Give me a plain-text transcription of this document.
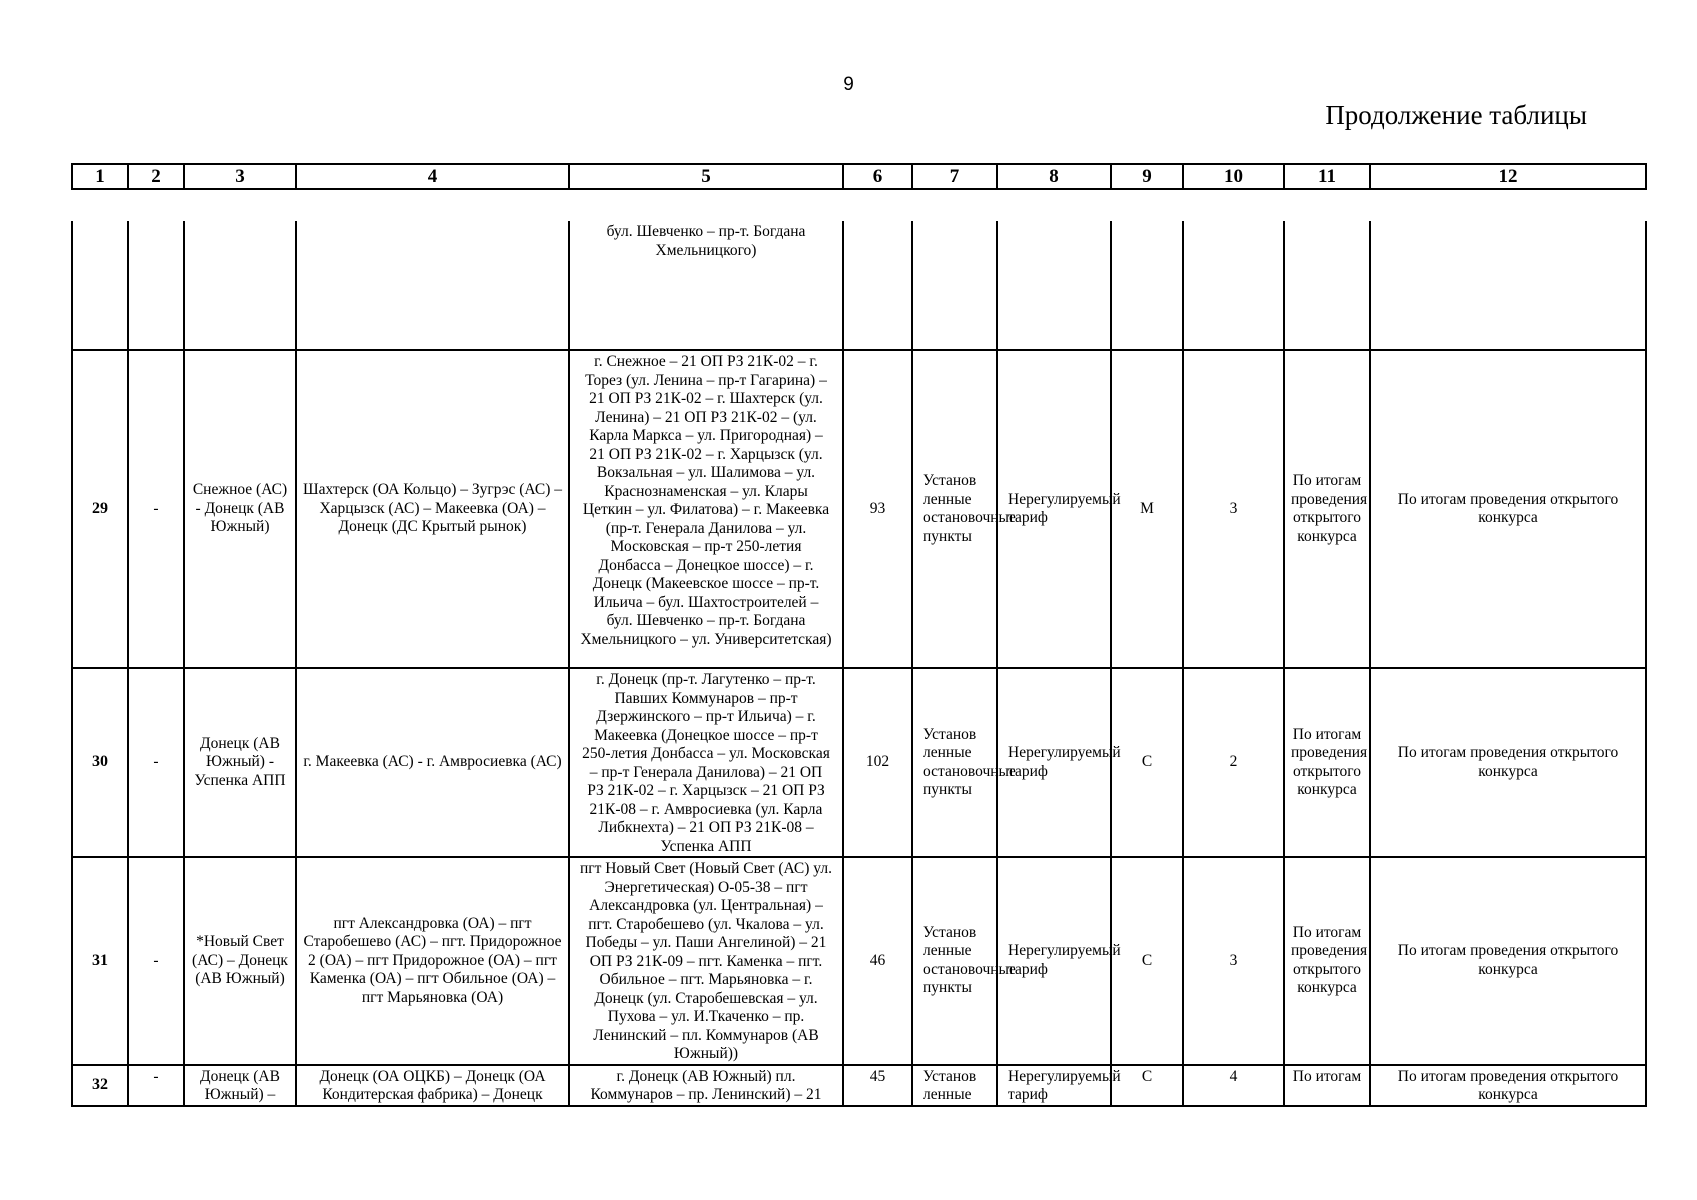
9
Продолжение таблицы
1	2	3	4	5	6	7	8	9	10	11	12
				бул. Шевченко – пр-т. Богдана Хмельницкого)							
29	-	Снежное (АС) - Донецк (АВ Южный)	Шахтерск (ОА Кольцо) – Зугрэс (АС) – Харцызск (АС) – Макеевка (ОА) – Донецк (ДС Крытый рынок)	г. Снежное – 21 ОП РЗ 21К-02 – г. Торез (ул. Ленина – пр-т Гагарина) – 21 ОП РЗ 21К-02 – г. Шахтерск (ул. Ленина) – 21 ОП РЗ 21К-02 – (ул. Карла Маркса – ул. Пригородная) – 21 ОП РЗ 21К-02 – г. Харцызск (ул. Вокзальная – ул. Шалимова – ул. Краснознаменская – ул. Клары Цеткин – ул. Филатова) – г. Макеевка (пр-т. Генерала Данилова – ул. Московская – пр-т 250-летия Донбасса – Донецкое шоссе) – г. Донецк (Макеевское шоссе – пр-т. Ильича – бул. Шахтостроителей – бул. Шевченко – пр-т. Богдана Хмельницкого – ул. Университетская)	93	Установ ленные остановочные пункты	Нерегулируемый тариф	М	3	По итогам проведения открытого конкурса	По итогам проведения открытого конкурса
30	-	Донецк (АВ Южный) - Успенка АПП	г. Макеевка (АС) - г. Амвросиевка (АС)	г. Донецк (пр-т. Лагутенко – пр-т. Павших Коммунаров – пр-т Дзержинского – пр-т Ильича) – г. Макеевка (Донецкое шоссе – пр-т 250-летия Донбасса – ул. Московская – пр-т Генерала Данилова) – 21 ОП РЗ 21К-02 – г. Харцызск – 21 ОП РЗ 21К-08 – г. Амвросиевка (ул. Карла Либкнехта) – 21 ОП РЗ 21К-08 – Успенка АПП	102	Установ ленные остановочные пункты	Нерегулируемый тариф	С	2	По итогам проведения открытого конкурса	По итогам проведения открытого конкурса
31	-	*Новый Свет (АС) – Донецк (АВ Южный)	пгт Александровка (ОА) – пгт Старобешево (АС) – пгт. Придорожное 2 (ОА) – пгт Придорожное (ОА) – пгт Каменка (ОА) – пгт Обильное (ОА) – пгт Марьяновка (ОА)	пгт Новый Свет (Новый Свет (АС) ул. Энергетическая) О-05-38 – пгт Александровка (ул. Центральная) – пгт. Старобешево (ул. Чкалова – ул. Победы – ул. Паши Ангелиной) – 21 ОП РЗ 21К-09 – пгт. Каменка – пгт. Обильное – пгт. Марьяновка – г. Донецк (ул. Старобешевская – ул. Пухова – ул. И.Ткаченко – пр. Ленинский – пл. Коммунаров (АВ Южный))	46	Установ ленные остановочные пункты	Нерегулируемый тариф	С	3	По итогам проведения открытого конкурса	По итогам проведения открытого конкурса
32	-	Донецк (АВ Южный) –	Донецк (ОА ОЦКБ) – Донецк (ОА Кондитерская фабрика) – Донецк	г. Донецк (АВ Южный) пл. Коммунаров – пр. Ленинский) – 21	45	Установ ленные	Нерегулируемый тариф	С	4	По итогам	По итогам проведения открытого конкурса
